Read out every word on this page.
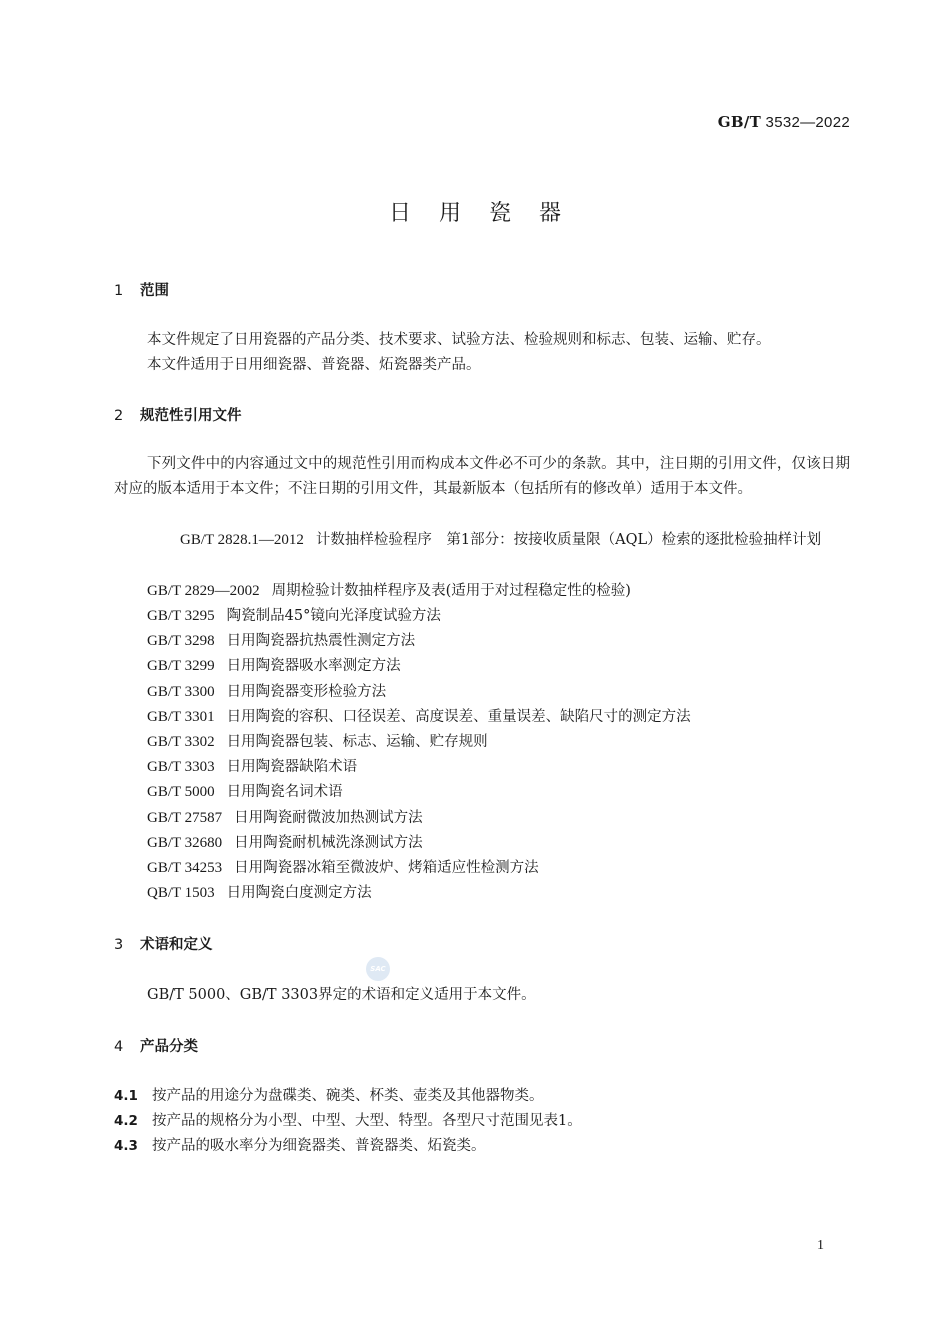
GB/T 3532—2022
日用瓷器
1 范围
本文件规定了日用瓷器的产品分类、技术要求、试验方法、检验规则和标志、包装、运输、贮存。
本文件适用于日用细瓷器、普瓷器、炻瓷器类产品。
2 规范性引用文件
下列文件中的内容通过文中的规范性引用而构成本文件必不可少的条款。其中，注日期的引用文件，仅该日期对应的版本适用于本文件；不注日期的引用文件，其最新版本（包括所有的修改单）适用于本文件。
GB/T 2828.1—2012 计数抽样检验程序　第1部分：按接收质量限（AQL）检索的逐批检验抽样计划
GB/T 2829—2002 周期检验计数抽样程序及表(适用于对过程稳定性的检验)
GB/T 3295 陶瓷制品45°镜向光泽度试验方法
GB/T 3298 日用陶瓷器抗热震性测定方法
GB/T 3299 日用陶瓷器吸水率测定方法
GB/T 3300 日用陶瓷器变形检验方法
GB/T 3301 日用陶瓷的容积、口径误差、高度误差、重量误差、缺陷尺寸的测定方法
GB/T 3302 日用陶瓷器包装、标志、运输、贮存规则
GB/T 3303 日用陶瓷器缺陷术语
GB/T 5000 日用陶瓷名词术语
GB/T 27587 日用陶瓷耐微波加热测试方法
GB/T 32680 日用陶瓷耐机械洗涤测试方法
GB/T 34253 日用陶瓷器冰箱至微波炉、烤箱适应性检测方法
QB/T 1503 日用陶瓷白度测定方法
3 术语和定义
SAC
GB/T 5000、GB/T 3303界定的术语和定义适用于本文件。
4 产品分类
4.1 按产品的用途分为盘碟类、碗类、杯类、壶类及其他器物类。
4.2 按产品的规格分为小型、中型、大型、特型。各型尺寸范围见表1。
4.3 按产品的吸水率分为细瓷器类、普瓷器类、炻瓷类。
1
